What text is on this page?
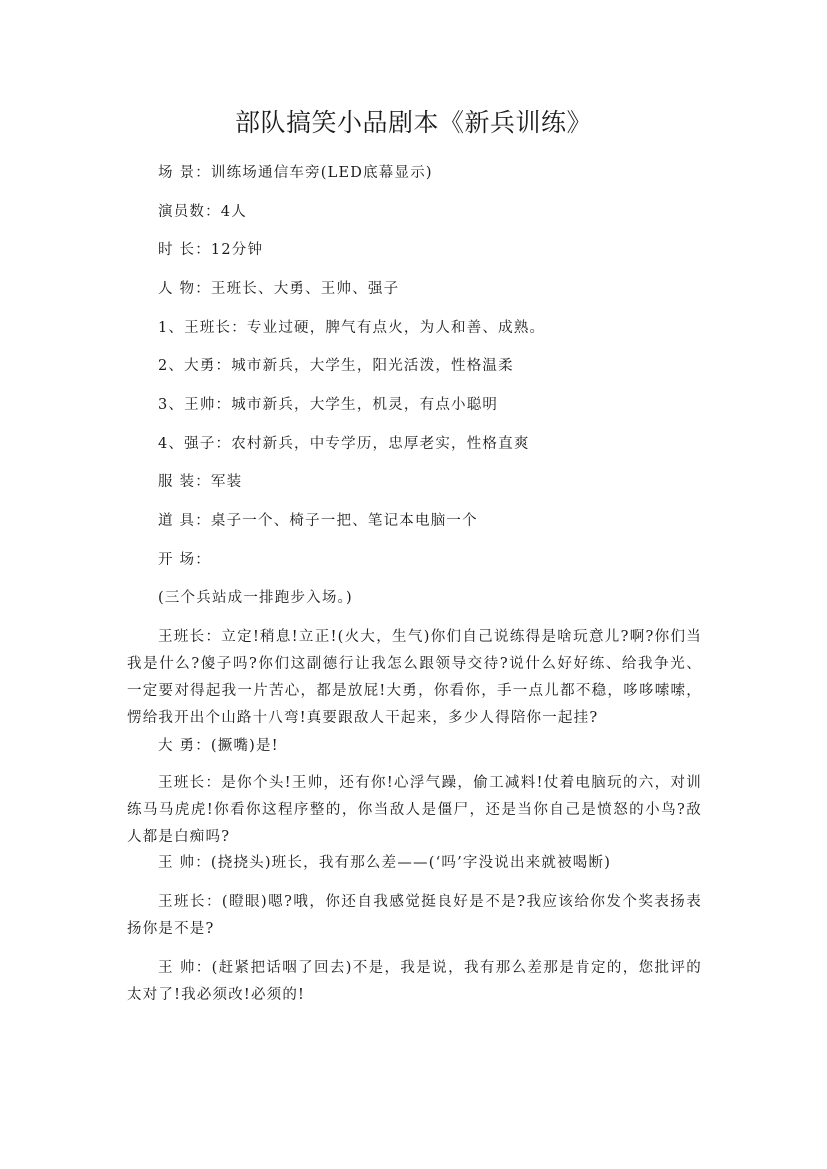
部队搞笑小品剧本《新兵训练》
场 景：训练场通信车旁(LED底幕显示)
演员数：4人
时 长：12分钟
人 物：王班长、大勇、王帅、强子
1、王班长：专业过硬，脾气有点火，为人和善、成熟。
2、大勇：城市新兵，大学生，阳光活泼，性格温柔
3、王帅：城市新兵，大学生，机灵，有点小聪明
4、强子：农村新兵，中专学历，忠厚老实，性格直爽
服 装：军装
道 具：桌子一个、椅子一把、笔记本电脑一个
开 场：
(三个兵站成一排跑步入场。)

王班长：立定!稍息!立正!(火大，生气)你们自己说练得是啥玩意儿?啊?你们当我是什么?傻子吗?你们这副德行让我怎么跟领导交待?说什么好好练、给我争光、一定要对得起我一片苦心，都是放屁!大勇，你看你，手一点儿都不稳，哆哆嗦嗦，愣给我开出个山路十八弯!真要跟敌人干起来，多少人得陪你一起挂?

大 勇：(撅嘴)是!

王班长：是你个头!王帅，还有你!心浮气躁，偷工减料!仗着电脑玩的六，对训练马马虎虎!你看你这程序整的，你当敌人是僵尸，还是当你自己是愤怒的小鸟?敌人都是白痴吗?

王 帅：(挠挠头)班长，我有那么差——(‘吗’字没说出来就被喝断)

王班长：(瞪眼)嗯?哦，你还自我感觉挺良好是不是?我应该给你发个奖表扬表扬你是不是?

王 帅：(赶紧把话咽了回去)不是，我是说，我有那么差那是肯定的，您批评的太对了!我必须改!必须的!
